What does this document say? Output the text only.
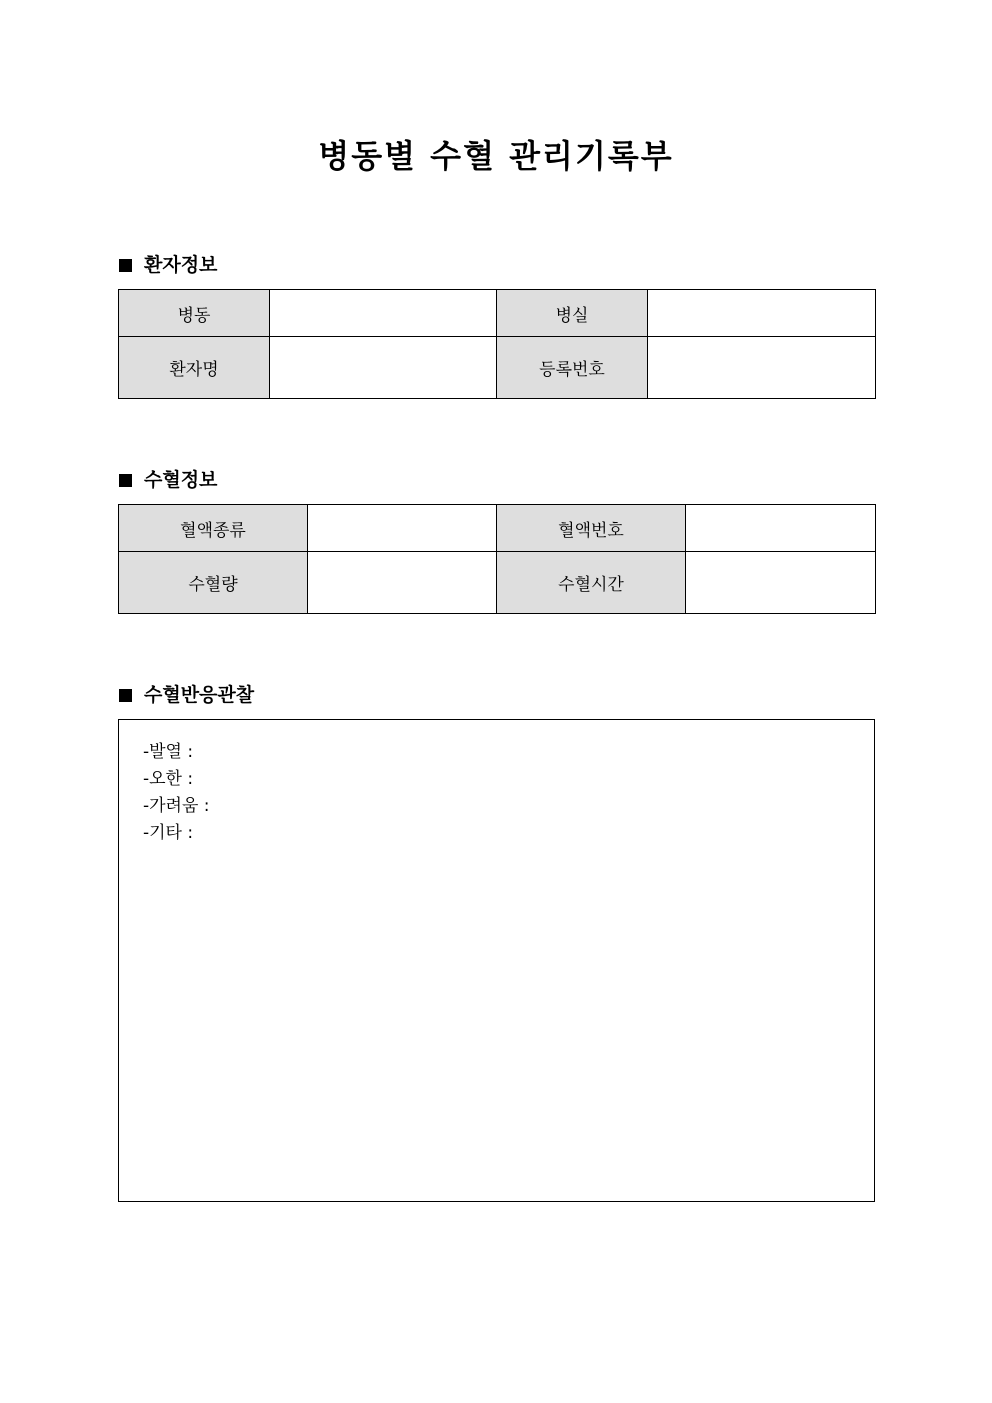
병동별 수혈 관리기록부
환자정보
병동		병실	
환자명		등록번호	
수혈정보
혈액종류		혈액번호	
수혈량		수혈시간	
수혈반응관찰
-발열 :
-오한 :
-가려움 :
-기타 :
